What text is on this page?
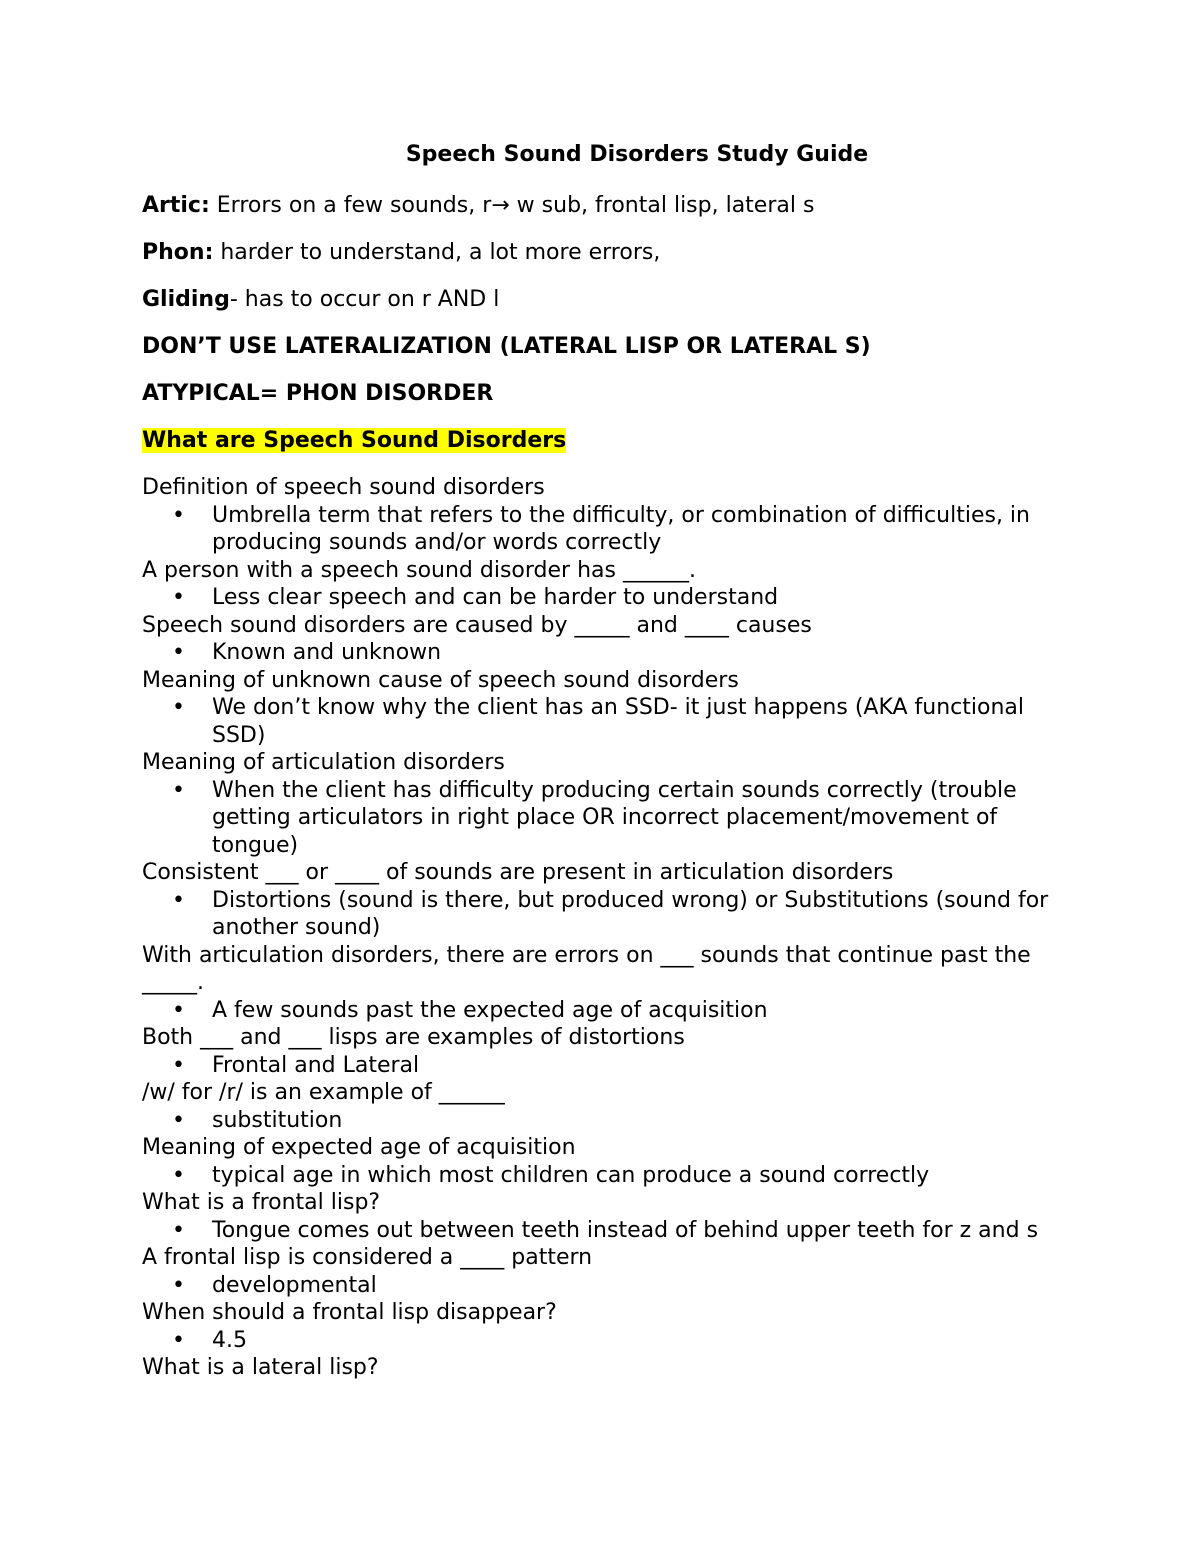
Speech Sound Disorders Study Guide
Artic: Errors on a few sounds, r→ w sub, frontal lisp, lateral s
Phon: harder to understand, a lot more errors,
Gliding- has to occur on r AND l
DON’T USE LATERALIZATION (LATERAL LISP OR LATERAL S)
ATYPICAL= PHON DISORDER
What are Speech Sound Disorders
Definition of speech sound disorders
• Umbrella term that refers to the difficulty, or combination of difficulties, in producing sounds and/or words correctly
A person with a speech sound disorder has ______.
• Less clear speech and can be harder to understand
Speech sound disorders are caused by _____ and ____ causes
• Known and unknown
Meaning of unknown cause of speech sound disorders
• We don’t know why the client has an SSD- it just happens (AKA functional SSD)
Meaning of articulation disorders
• When the client has difficulty producing certain sounds correctly (trouble getting articulators in right place OR incorrect placement/movement of tongue)
Consistent ___ or ____ of sounds are present in articulation disorders
• Distortions (sound is there, but produced wrong) or Substitutions (sound for another sound)
With articulation disorders, there are errors on ___ sounds that continue past the _____.
• A few sounds past the expected age of acquisition
Both ___ and ___ lisps are examples of distortions
• Frontal and Lateral
/w/ for /r/ is an example of ______
• substitution
Meaning of expected age of acquisition
• typical age in which most children can produce a sound correctly
What is a frontal lisp?
• Tongue comes out between teeth instead of behind upper teeth for z and s
A frontal lisp is considered a ____ pattern
• developmental
When should a frontal lisp disappear?
• 4.5
What is a lateral lisp?
